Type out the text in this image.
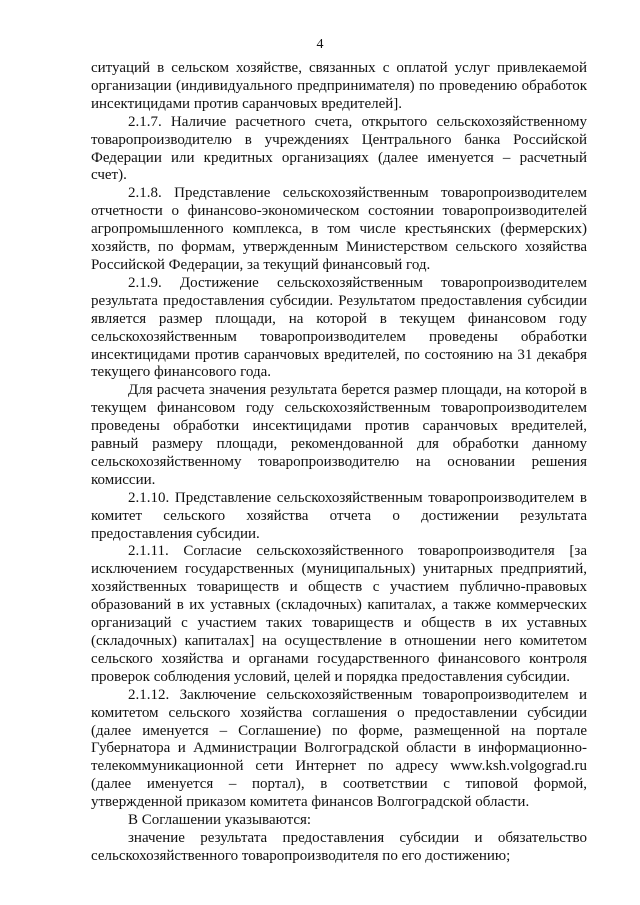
4

ситуаций в сельском хозяйстве, связанных с оплатой услуг привлекаемой организации (индивидуального предпринимателя) по проведению обработок инсектицидами против саранчовых вредителей].

2.1.7. Наличие расчетного счета, открытого сельскохозяйственному товаропроизводителю в учреждениях Центрального банка Российской Федерации или кредитных организациях (далее именуется – расчетный счет).

2.1.8. Представление сельскохозяйственным товаропроизводителем отчетности о финансово-экономическом состоянии товаропроизводителей агропромышленного комплекса, в том числе крестьянских (фермерских) хозяйств, по формам, утвержденным Министерством сельского хозяйства Российской Федерации, за текущий финансовый год.

2.1.9. Достижение сельскохозяйственным товаропроизводителем результата предоставления субсидии. Результатом предоставления субсидии является размер площади, на которой в текущем финансовом году сельскохозяйственным товаропроизводителем проведены обработки инсектицидами против саранчовых вредителей, по состоянию на 31 декабря текущего финансового года.

Для расчета значения результата берется размер площади, на которой в текущем финансовом году сельскохозяйственным товаропроизводителем проведены обработки инсектицидами против саранчовых вредителей, равный размеру площади, рекомендованной для обработки данному сельскохозяйственному товаропроизводителю на основании решения комиссии.

2.1.10. Представление сельскохозяйственным товаропроизводителем в комитет сельского хозяйства отчета о достижении результата предоставления субсидии.

2.1.11. Согласие сельскохозяйственного товаропроизводителя [за исключением государственных (муниципальных) унитарных предприятий, хозяйственных товариществ и обществ с участием публично-правовых образований в их уставных (складочных) капиталах, а также коммерческих организаций с участием таких товариществ и обществ в их уставных (складочных) капиталах] на осуществление в отношении него комитетом сельского хозяйства и органами государственного финансового контроля проверок соблюдения условий, целей и порядка предоставления субсидии.

2.1.12. Заключение сельскохозяйственным товаропроизводителем и комитетом сельского хозяйства соглашения о предоставлении субсидии (далее именуется – Соглашение) по форме, размещенной на портале Губернатора и Администрации Волгоградской области в информационно-телекоммуникационной сети Интернет по адресу www.ksh.volgograd.ru (далее именуется – портал), в соответствии с типовой формой, утвержденной приказом комитета финансов Волгоградской области.

В Соглашении указываются:

значение результата предоставления субсидии и обязательство сельскохозяйственного товаропроизводителя по его достижению;
